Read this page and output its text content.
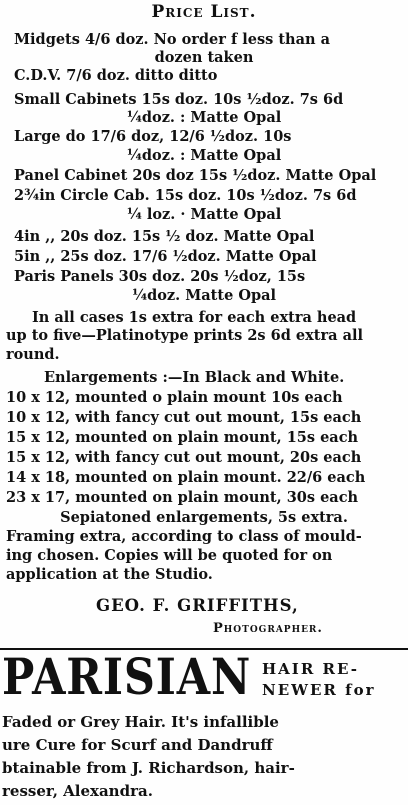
Price List.
Midgets 4/6 doz. No order f less than a
dozen taken
C.D.V. 7/6 doz. ditto ditto
Small Cabinets 15s doz. 10s ½doz. 7s 6d
¼doz. : Matte Opal
Large do 17/6 doz, 12/6 ½doz. 10s
¼doz. : Matte Opal
Panel Cabinet 20s doz 15s ½doz. Matte Opal
2¾in Circle Cab. 15s doz. 10s ½doz. 7s 6d
¼ loz. · Matte Opal
4in ,, 20s doz. 15s ½ doz. Matte Opal
5in ,, 25s doz. 17/6 ½doz. Matte Opal
Paris Panels 30s doz. 20s ½doz, 15s
¼doz. Matte Opal
In all cases 1s extra for each extra head
up to five—Platinotype prints 2s 6d extra all
round.
Enlargements :—In Black and White.
10 x 12, mounted o plain mount 10s each
10 x 12, with fancy cut out mount, 15s each
15 x 12, mounted on plain mount, 15s each
15 x 12, with fancy cut out mount, 20s each
14 x 18, mounted on plain mount. 22/6 each
23 x 17, mounted on plain mount, 30s each
Sepiatoned enlargements, 5s extra.
Framing extra, according to class of mould-
ing chosen. Copies will be quoted for on
application at the Studio.
GEO. F. GRIFFITHS,
Photographer.
PARISIAN HAIR RE-
NEWER for
Faded or Grey Hair. It's infallible
ure Cure for Scurf and Dandruff
btainable from J. Richardson, hair-
resser, Alexandra.
